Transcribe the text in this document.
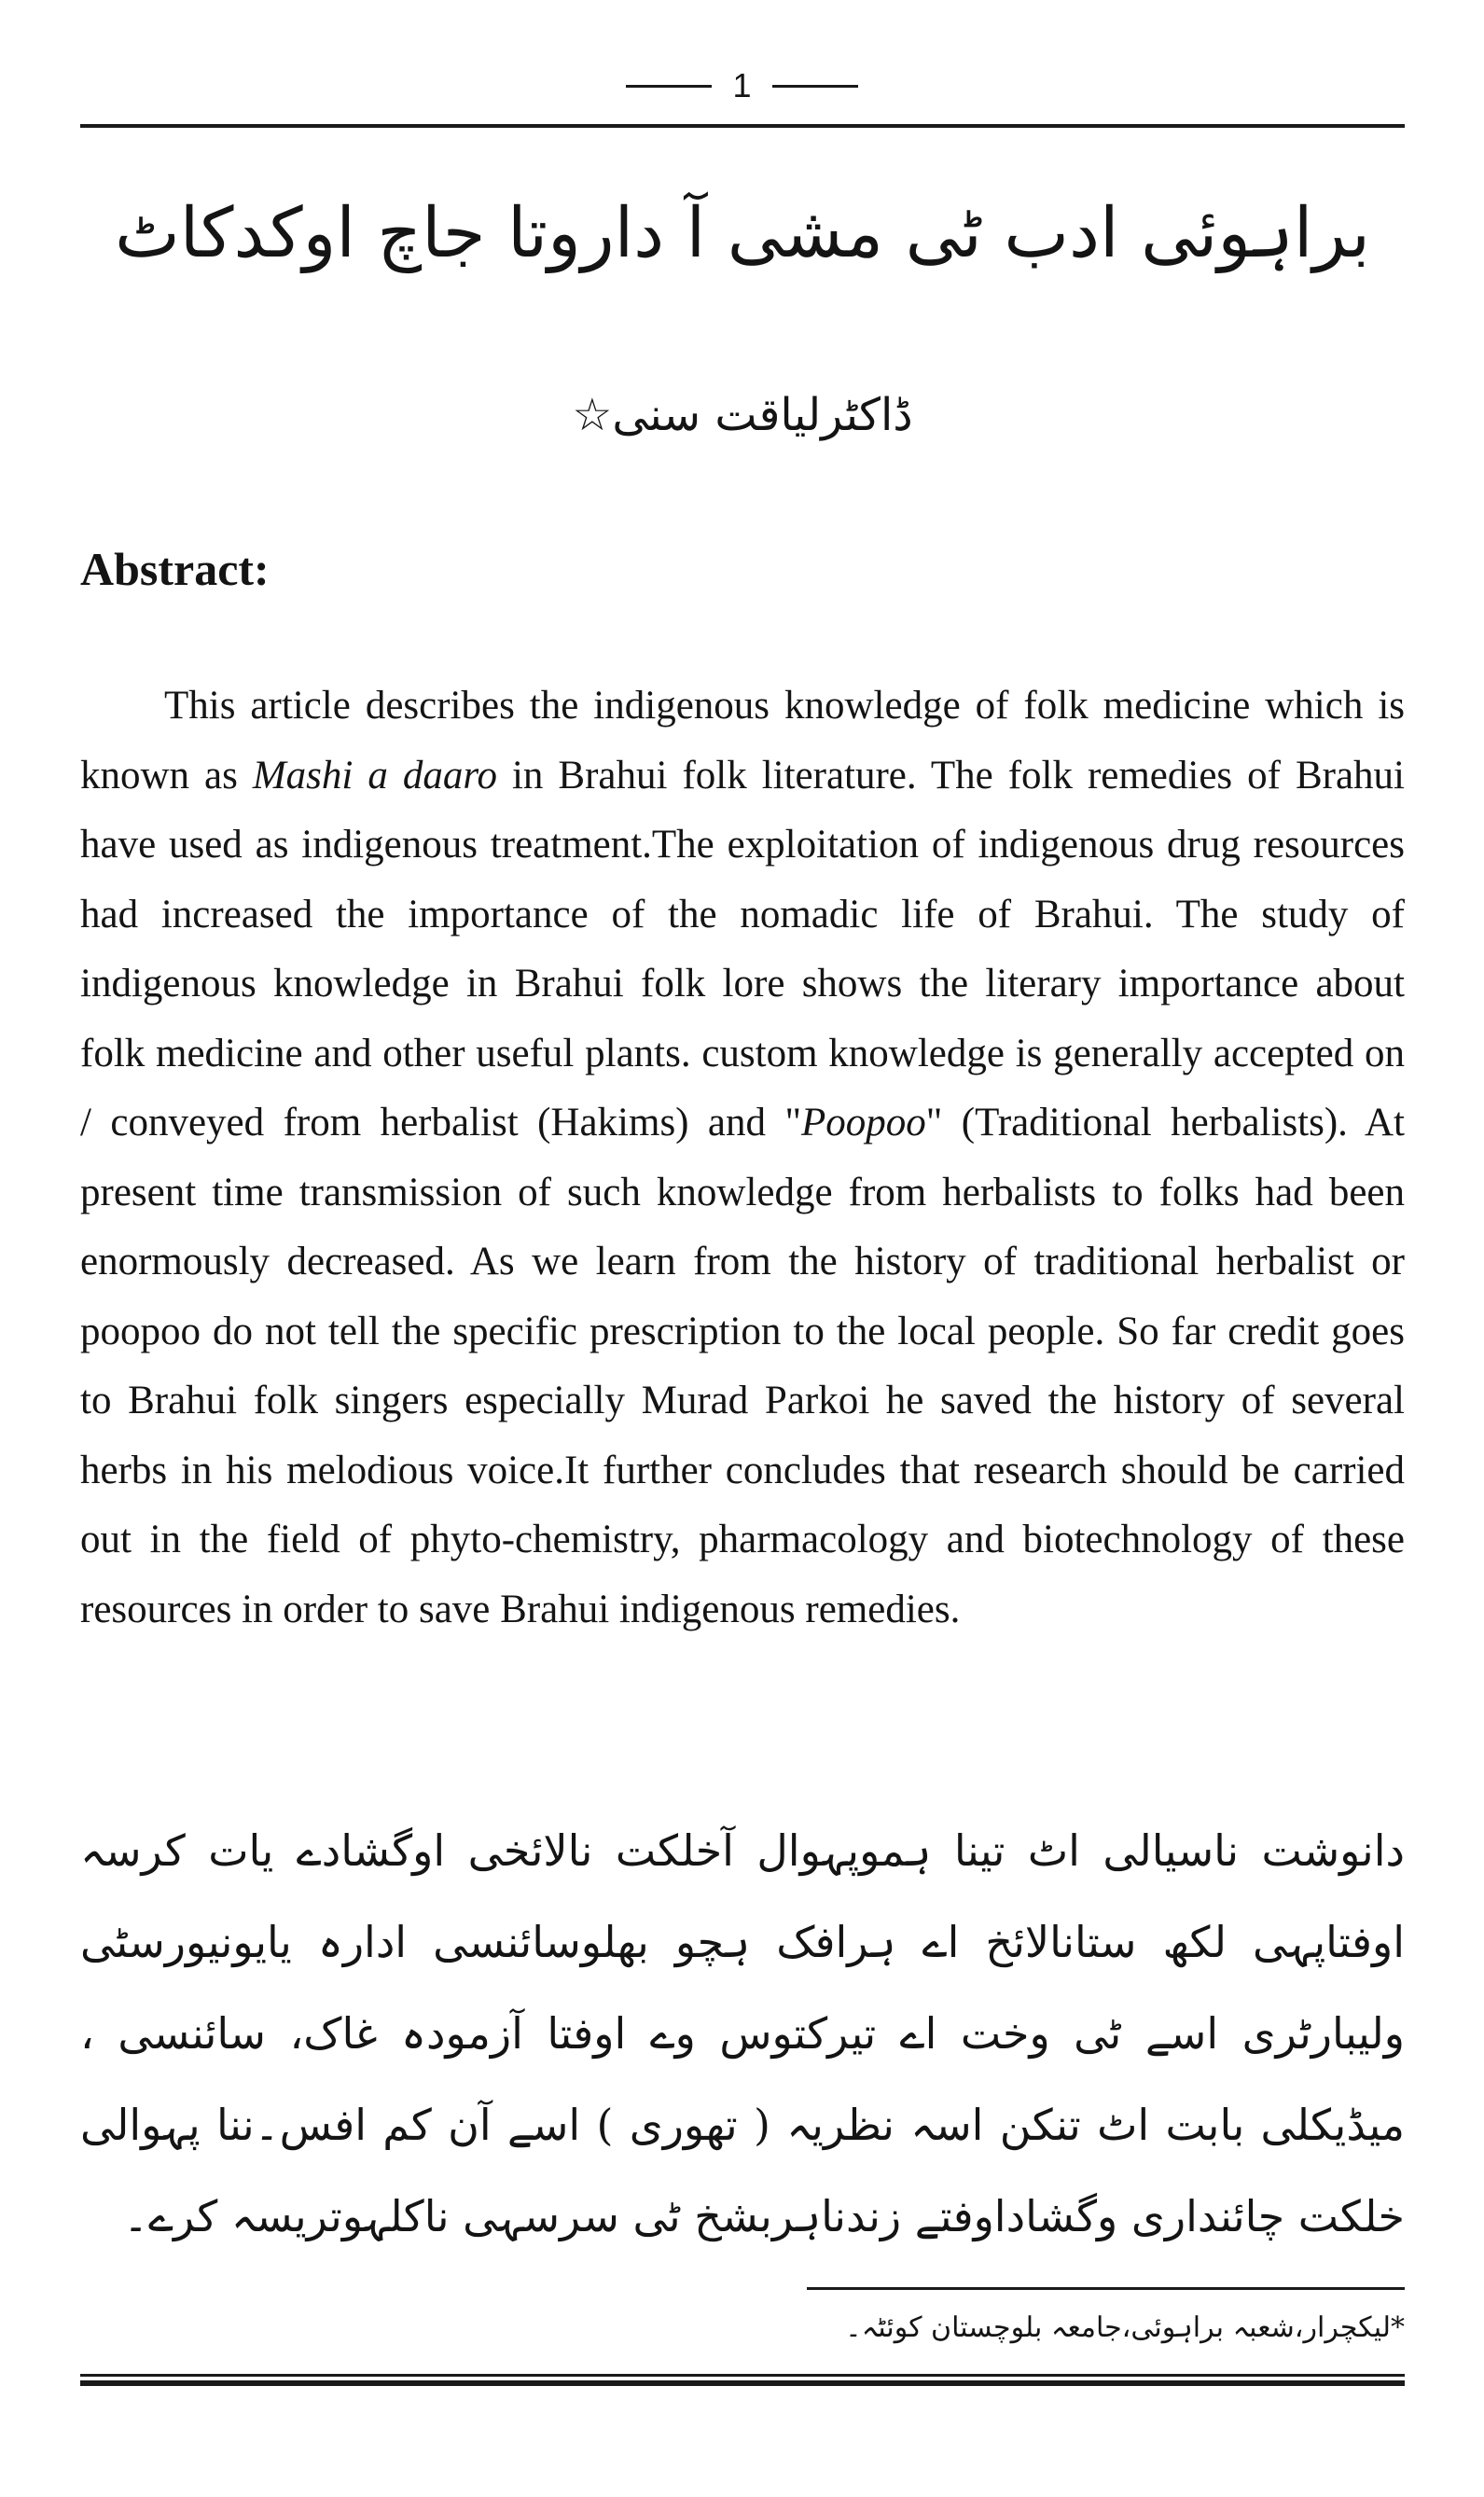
1
براہوئی ادب ٹی مشی آ داروتا جاچ اوکدکاٹ
ڈاکٹرلیاقت سنی☆
Abstract:

This article describes the indigenous knowledge of folk medicine which is known as Mashi a daaro in Brahui folk literature. The folk remedies of Brahui have used as indigenous treatment.The exploitation of indigenous drug resources had increased the importance of the nomadic life of Brahui. The study of indigenous knowledge in Brahui folk lore shows the literary importance about folk medicine and other useful plants. custom knowledge is generally accepted on / conveyed from herbalist (Hakims) and "Poopoo" (Traditional herbalists). At present time transmission of such knowledge from herbalists to folks had been enormously decreased. As we learn from the history of traditional herbalist or poopoo do not tell the specific prescription to the local people. So far credit goes to Brahui folk singers especially Murad Parkoi he saved the history of several herbs in his melodious voice.It further concludes that research should be carried out in the field of phyto-chemistry, pharmacology and biotechnology of these resources in order to save Brahui indigenous remedies.

دانوشت ناسیالی اٹ تینا ہموپہوال آخلکت نالائخی اوگشادے یات کرسہ اوفتاپہی لکھ ستانالائخ اے ہرافک ہچو بھلوسائنسی ادارہ یایونیورسٹی ولیبارٹری اسے ٹی وخت اے تیرکتوس وے اوفتا آزمودہ غاک، سائنسی ، میڈیکلی بابت اٹ تنکن اسہ نظریہ ( تھوری ) اسے آن کم افس۔ننا پہوالی خلکت چائنداری وگشاداوفتے زندناہربشخ ٹی سرسہی ناکلہوتریسہ کرے۔

*لیکچرار،شعبہ براہوئی،جامعہ بلوچستان کوئٹہ۔
